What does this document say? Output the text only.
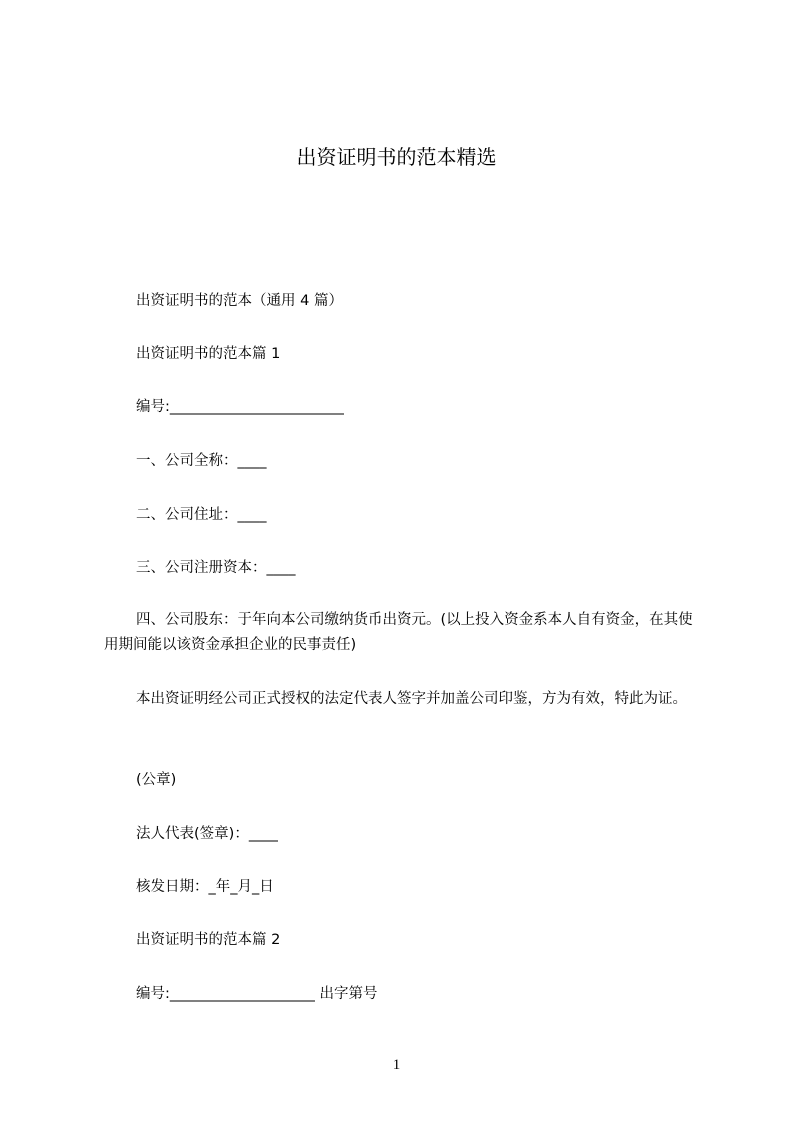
出资证明书的范本精选
出资证明书的范本（通用 4 篇）
出资证明书的范本篇 1
编号:________________________
一、公司全称：____
二、公司住址：____
三、公司注册资本：____
四、公司股东：于年向本公司缴纳货币出资元。(以上投入资金系本人自有资金，在其使用期间能以该资金承担企业的民事责任)
本出资证明经公司正式授权的法定代表人签字并加盖公司印鉴，方为有效，特此为证。
(公章)
法人代表(签章)：____
核发日期：_年_月_日
出资证明书的范本篇 2
编号:____________________ 出字第号
1
